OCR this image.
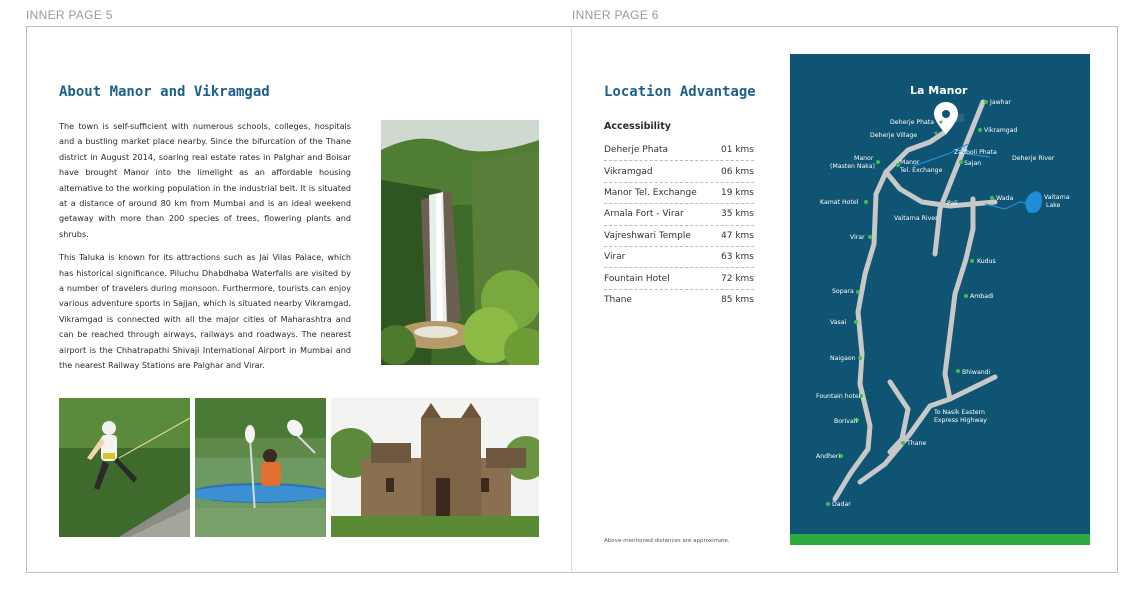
INNER PAGE 5	INNER PAGE 6
About Manor and Vikramgad

The town is self-sufficient with numerous schools, colleges, hospitals and a bustling market place nearby. Since the bifurcation of the Thane district in August 2014, soaring real estate rates in Palghar and Boisar have brought Manor into the limelight as an affordable housing alternative to the working population in the industrial belt. It is situated at a distance of around 80 km from Mumbai and is an ideal weekend getaway with more than 200 species of trees, flowering plants and shrubs.

This Taluka is known for its attractions such as Jai Vilas Palace, which has historical significance. Piluchu Dhabdhaba Waterfalls are visited by a number of travelers during monsoon. Furthermore, tourists can enjoy various adventure sports in Sajjan, which is situated nearby Vikramgad. Vikramgad is connected with all the major cities of Maharashtra and can be reached through airways, railways and roadways. The nearest airport is the Chhatrapathi Shivaji International Airport in Mumbai and the nearest Railway Stations are Palghar and Virar.

Location Advantage
Accessibility
Deherje Phata	01 kms
Vikramgad	06 kms
Manor Tel. Exchange	19 kms
Arnala Fort - Virar	35 kms
Vajreshwari Temple	47 kms
Virar	63 kms
Fountain Hotel	72 kms
Thane	85 kms
Above-mentioned distances are approximate.
La Manor
Jawhar
Deherje Phata
Deherje Village
Vikramgad
Zadboli Phata
Deherje River
Sajan
Manor
(Masten Naka)
Manor
Tel. Exchange
Kamat Hotel	Pali
Wada	Vaitarna
Lake
Vaitarna River
Virar
Kudus
Sopara
Ambadi
Vasai
Naigaon
Bhiwandi
Fountain hotel
Borivali
To Nasik Eastern
Express Highway
Thane
Andheri
Dadar
